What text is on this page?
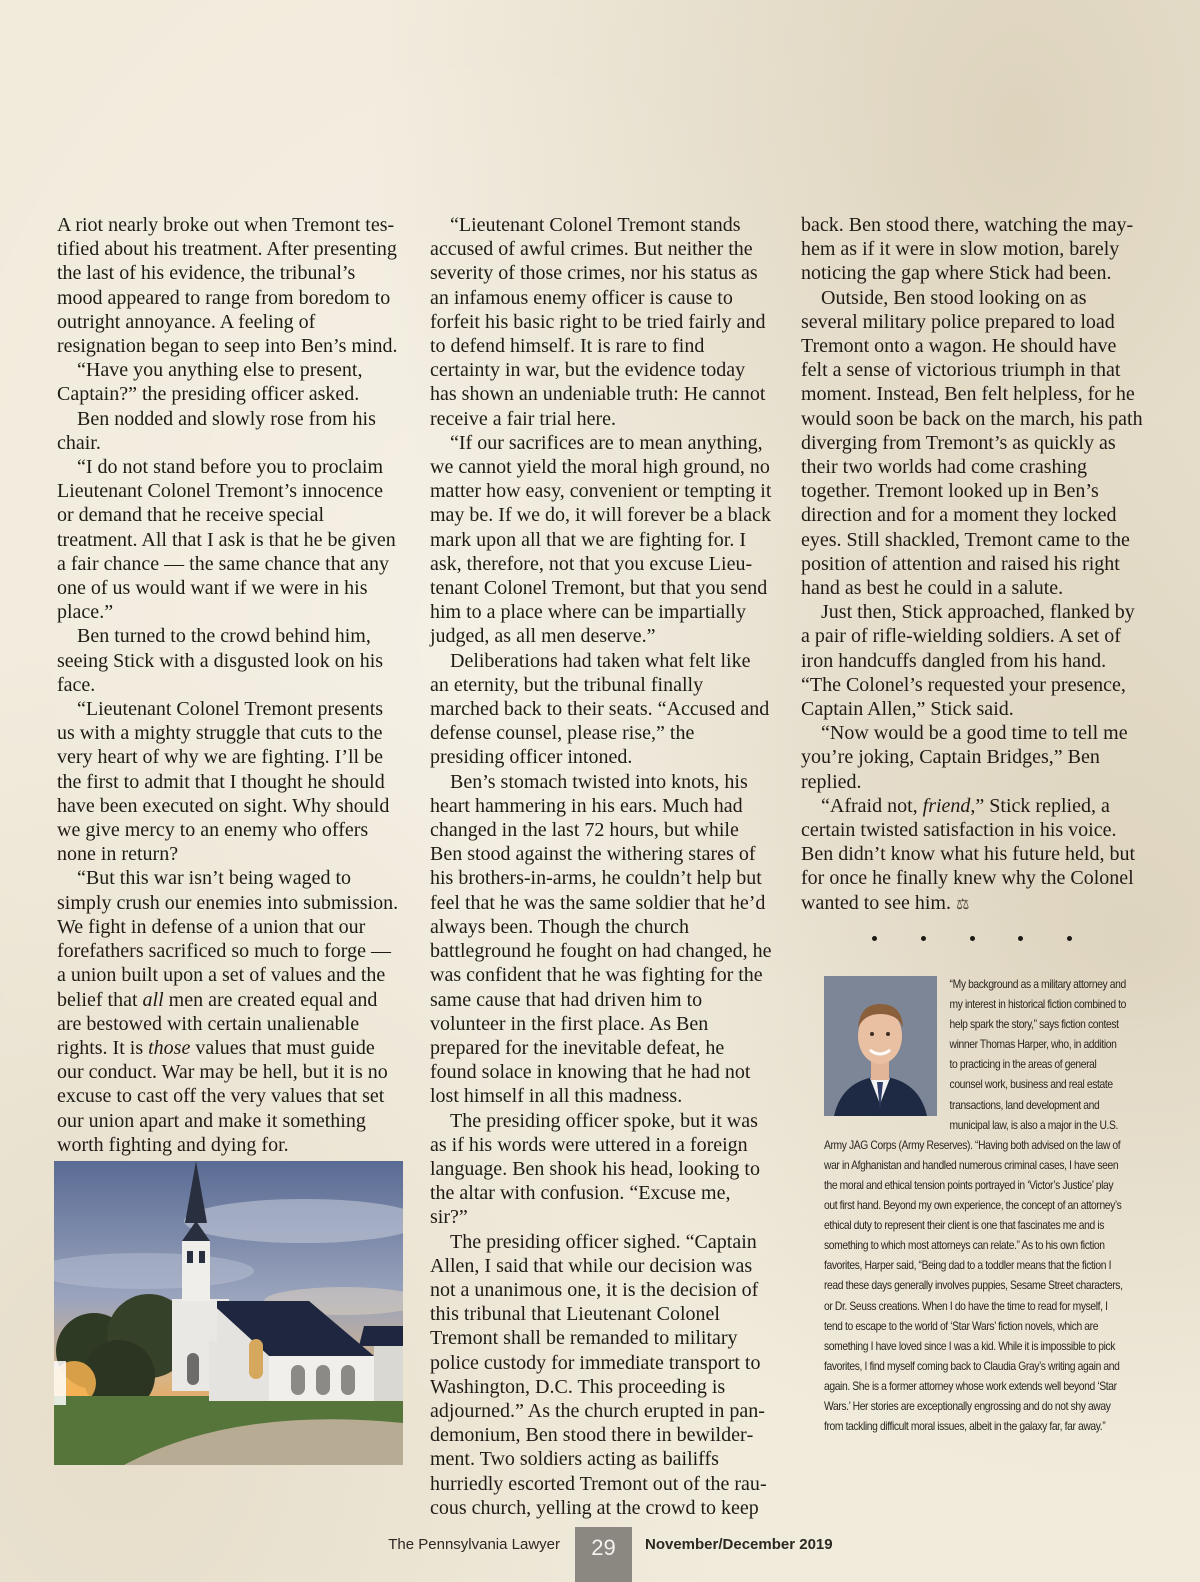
A riot nearly broke out when Tremont testified about his treatment. After presenting the last of his evidence, the tribunal’s mood appeared to range from boredom to outright annoyance. A feeling of resignation began to seep into Ben’s mind.

“Have you anything else to present, Captain?” the presiding officer asked.

Ben nodded and slowly rose from his chair.

“I do not stand before you to proclaim Lieutenant Colonel Tremont’s innocence or demand that he receive special treatment. All that I ask is that he be given a fair chance — the same chance that any one of us would want if we were in his place.”

Ben turned to the crowd behind him, seeing Stick with a disgusted look on his face.

“Lieutenant Colonel Tremont presents us with a mighty struggle that cuts to the very heart of why we are fighting. I’ll be the first to admit that I thought he should have been executed on sight. Why should we give mercy to an enemy who offers none in return?

“But this war isn’t being waged to simply crush our enemies into submission. We fight in defense of a union that our forefathers sacrificed so much to forge — a union built upon a set of values and the belief that all men are created equal and are bestowed with certain unalienable rights. It is those values that must guide our conduct. War may be hell, but it is no excuse to cast off the very values that set our union apart and make it something worth fighting and dying for.

“Lieutenant Colonel Tremont stands accused of awful crimes. But neither the severity of those crimes, nor his status as an infamous enemy officer is cause to forfeit his basic right to be tried fairly and to defend himself. It is rare to find certainty in war, but the evidence today has shown an undeniable truth: He cannot receive a fair trial here.

“If our sacrifices are to mean anything, we cannot yield the moral high ground, no matter how easy, convenient or tempting it may be. If we do, it will forever be a black mark upon all that we are fighting for. I ask, therefore, not that you excuse Lieutenant Colonel Tremont, but that you send him to a place where can be impartially judged, as all men deserve.”

Deliberations had taken what felt like an eternity, but the tribunal finally marched back to their seats. “Accused and defense counsel, please rise,” the presiding officer intoned.

Ben’s stomach twisted into knots, his heart hammering in his ears. Much had changed in the last 72 hours, but while Ben stood against the withering stares of his brothers-in-arms, he couldn’t help but feel that he was the same soldier that he’d always been. Though the church battleground he fought on had changed, he was confident that he was fighting for the same cause that had driven him to volunteer in the first place. As Ben prepared for the inevitable defeat, he found solace in knowing that he had not lost himself in all this madness.

The presiding officer spoke, but it was as if his words were uttered in a foreign language. Ben shook his head, looking to the altar with confusion. “Excuse me, sir?”

The presiding officer sighed. “Captain Allen, I said that while our decision was not a unanimous one, it is the decision of this tribunal that Lieutenant Colonel Tremont shall be remanded to military police custody for immediate transport to Washington, D.C. This proceeding is adjourned.” As the church erupted in pandemonium, Ben stood there in bewilderment. Two soldiers acting as bailiffs hurriedly escorted Tremont out of the raucous church, yelling at the crowd to keep

back. Ben stood there, watching the mayhem as if it were in slow motion, barely noticing the gap where Stick had been.

Outside, Ben stood looking on as several military police prepared to load Tremont onto a wagon. He should have felt a sense of victorious triumph in that moment. Instead, Ben felt helpless, for he would soon be back on the march, his path diverging from Tremont’s as quickly as their two worlds had come crashing together. Tremont looked up in Ben’s direction and for a moment they locked eyes. Still shackled, Tremont came to the position of attention and raised his right hand as best he could in a salute.

Just then, Stick approached, flanked by a pair of rifle-wielding soldiers. A set of iron handcuffs dangled from his hand. “The Colonel’s requested your presence, Captain Allen,” Stick said.

“Now would be a good time to tell me you’re joking, Captain Bridges,” Ben replied.

“Afraid not, friend,” Stick replied, a certain twisted satisfaction in his voice. Ben didn’t know what his future held, but for once he finally knew why the Colonel wanted to see him. ⚖

“My background as a military attorney and my interest in historical fiction combined to help spark the story,” says fiction contest winner Thomas Harper, who, in addition to practicing in the areas of general counsel work, business and real estate transactions, land development and municipal law, is also a major in the U.S. Army JAG Corps (Army Reserves). “Having both advised on the law of war in Afghanistan and handled numerous criminal cases, I have seen the moral and ethical tension points portrayed in ‘Victor’s Justice’ play out first hand. Beyond my own experience, the concept of an attorney’s ethical duty to represent their client is one that fascinates me and is something to which most attorneys can relate.” As to his own fiction favorites, Harper said, “Being dad to a toddler means that the fiction I read these days generally involves puppies, Sesame Street characters, or Dr. Seuss creations. When I do have the time to read for myself, I tend to escape to the world of ‘Star Wars’ fiction novels, which are something I have loved since I was a kid. While it is impossible to pick favorites, I find myself coming back to Claudia Gray’s writing again and again. She is a former attorney whose work extends well beyond ‘Star Wars.’ Her stories are exceptionally engrossing and do not shy away from tackling difficult moral issues, albeit in the galaxy far, far away.”
The Pennsylvania Lawyer	29	November/December 2019
